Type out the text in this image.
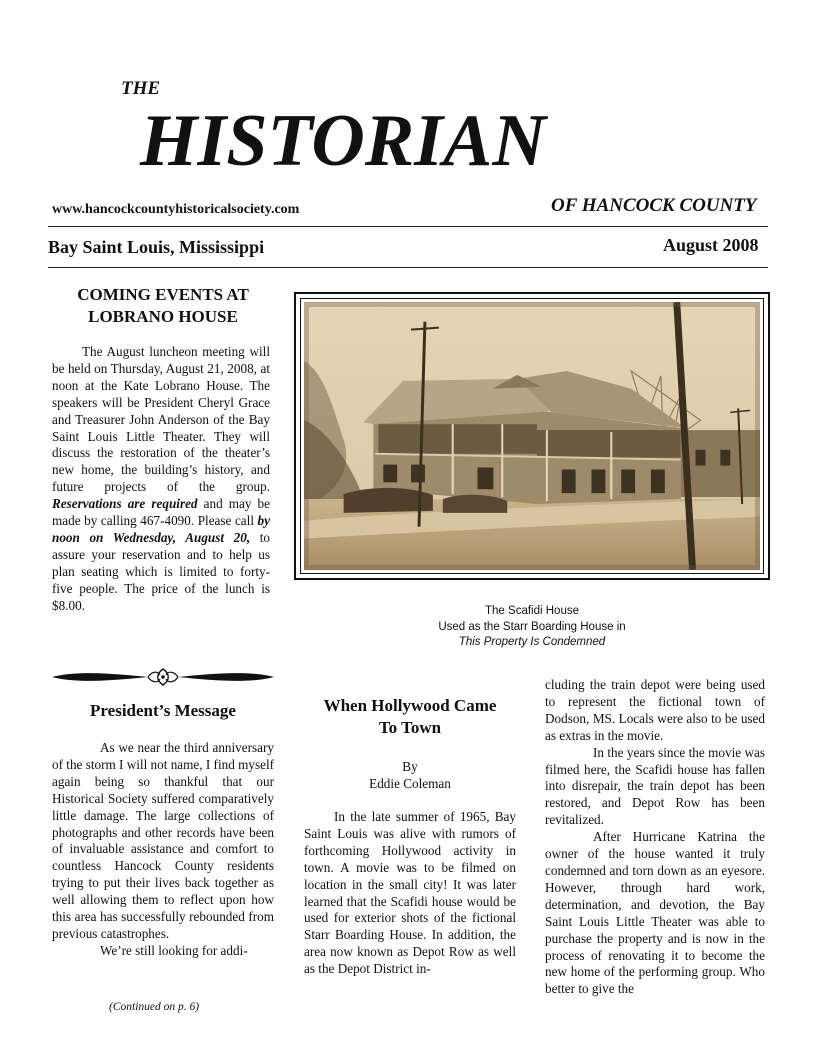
THE
HISTORIAN
www.hancockcountyhistoricalsociety.com	OF HANCOCK COUNTY
Bay Saint Louis, Mississippi	August 2008
COMING EVENTS AT
LOBRANO HOUSE

The August luncheon meeting will be held on Thursday, August 21, 2008, at noon at the Kate Lobrano House. The speakers will be President Cheryl Grace and Treasurer John Anderson of the Bay Saint Louis Little Theater. They will discuss the restoration of the theater’s new home, the building’s history, and future projects of the group. Reservations are required and may be made by calling 467-4090. Please call by noon on Wednesday, August 20, to assure your reservation and to help us plan seating which is limited to forty-five people. The price of the lunch is $8.00.

President’s Message

As we near the third anniversary of the storm I will not name, I find myself again being so thankful that our Historical Society suffered comparatively little damage. The large collections of photographs and other records have been of invaluable assistance and comfort to countless Hancock County residents trying to put their lives back together as well allowing them to reflect upon how this area has successfully rebounded from previous catastrophes.

We’re still looking for addi-

(Continued on p. 6)
The Scafidi House
Used as the Starr Boarding House in
This Property Is Condemned
When Hollywood Came
To Town
By
Eddie Coleman

In the late summer of 1965, Bay Saint Louis was alive with rumors of forthcoming Hollywood activity in town. A movie was to be filmed on location in the small city! It was later learned that the Scafidi house would be used for exterior shots of the fictional Starr Boarding House. In addition, the area now known as Depot Row as well as the Depot District in-

cluding the train depot were being used to represent the fictional town of Dodson, MS. Locals were also to be used as extras in the movie.

In the years since the movie was filmed here, the Scafidi house has fallen into disrepair, the train depot has been restored, and Depot Row has been revitalized.

After Hurricane Katrina the owner of the house wanted it truly condemned and torn down as an eyesore. However, through hard work, determination, and devotion, the Bay Saint Louis Little Theater was able to purchase the property and is now in the process of renovating it to become the new home of the performing group. Who better to give the
